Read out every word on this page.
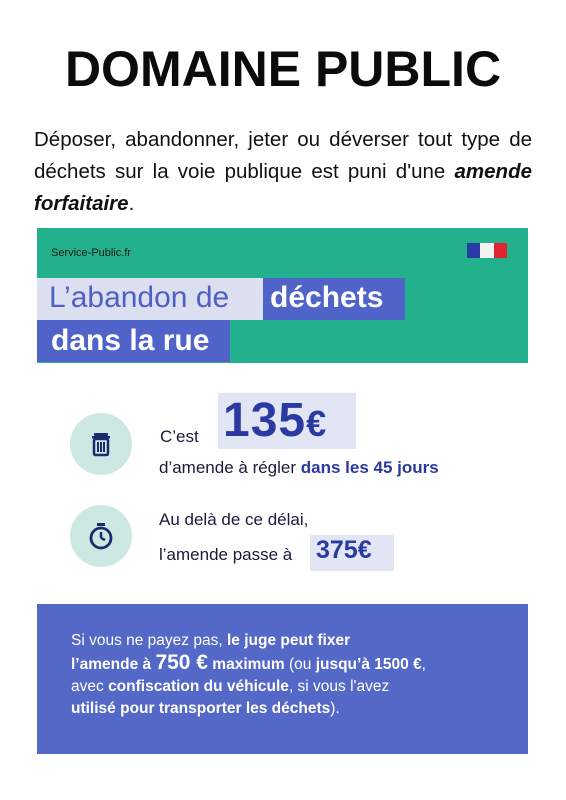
DOMAINE PUBLIC
Déposer, abandonner, jeter ou déverser tout type de déchets sur la voie publique est puni d'une amende forfaitaire.
Service-Public.fr
L’abandon de déchets
dans la rue
C’est 135€
d’amende à régler dans les 45 jours
Au delà de ce délai,
l’amende passe à 375€
Si vous ne payez pas, le juge peut fixer
l’amende à 750 € maximum (ou jusqu’à 1500 €,
avec confiscation du véhicule, si vous l'avez
utilisé pour transporter les déchets).
